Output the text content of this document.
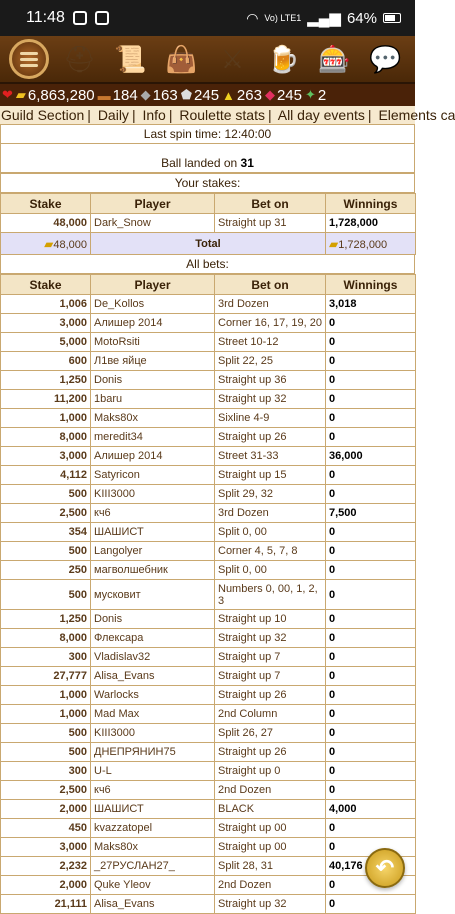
11:48	◠ Vo) LTE1 ▂▄▆ 64%
⛑ 📜 👜 ⚔ 🍺 🎰 💬
❤ ▰ 6,863,280 ▬ 184 ◆ 163 ⬟ 245 ▲ 263 ◆ 245 ✦ 2
Guild Section | Daily | Info | Roulette stats | All day events | Elements ca
Last spin time: 12:40:00
Ball landed on 31
Your stakes:
Stake	Player	Bet on	Winnings
48,000	Dark_Snow	Straight up 31	1,728,000
▰48,000	Total		▰1,728,000
All bets:
Stake	Player	Bet on	Winnings
1,006	De_Kollos	3rd Dozen	3,018
3,000	Алишер 2014	Corner 16, 17, 19, 20	0
5,000	MotoRsiti	Street 10-12	0
600	Л1ве яйце	Split 22, 25	0
1,250	Donis	Straight up 36	0
11,200	1baru	Straight up 32	0
1,000	Maks80x	Sixline 4-9	0
8,000	meredit34	Straight up 26	0
3,000	Алишер 2014	Street 31-33	36,000
4,112	Satyricon	Straight up 15	0
500	KIII3000	Split 29, 32	0
2,500	кч6	3rd Dozen	7,500
354	ШАШИСТ	Split 0, 00	0
500	Langolyer	Corner 4, 5, 7, 8	0
250	магволшебник	Split 0, 00	0
500	мусковит	Numbers 0, 00, 1, 2, 3	0
1,250	Donis	Straight up 10	0
8,000	Флексара	Straight up 32	0
300	Vladislav32	Straight up 7	0
27,777	Alisa_Evans	Straight up 7	0
1,000	Warlocks	Straight up 26	0
1,000	Mad Max	2nd Column	0
500	KIII3000	Split 26, 27	0
500	ДНЕПРЯНИН75	Straight up 26	0
300	U-L	Straight up 0	0
2,500	кч6	2nd Dozen	0
2,000	ШАШИСТ	BLACK	4,000
450	kvazzatopel	Straight up 00	0
3,000	Maks80x	Straight up 00	0
2,232	_27РУСЛАН27_	Split 28, 31	40,176
2,000	Quke Yleov	2nd Dozen	0
21,111	Alisa_Evans	Straight up 32	0
↶
